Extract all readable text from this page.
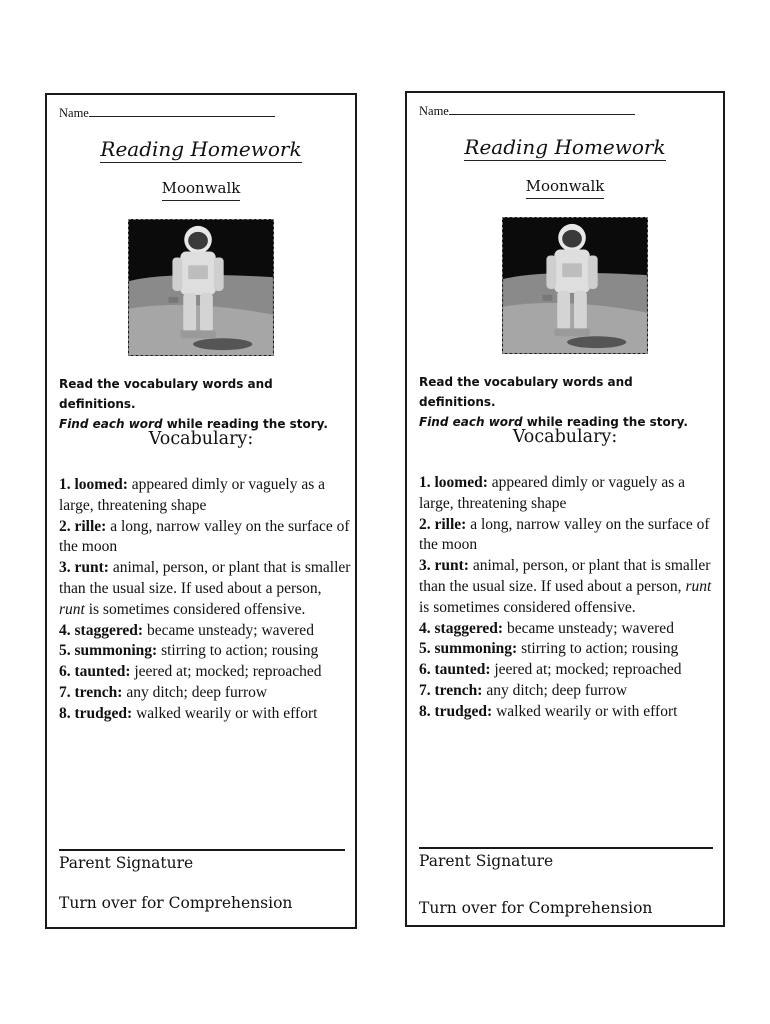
Name
Reading Homework
Moonwalk
Read the vocabulary words and definitions.
Find each word while reading the story.
Vocabulary:

1. loomed: appeared dimly or vaguely as a large, threatening shape

2. rille: a long, narrow valley on the surface of the moon

3. runt: animal, person, or plant that is smaller than the usual size. If used about a person, runt is sometimes considered offensive.

4. staggered: became unsteady; wavered

5. summoning: stirring to action; rousing

6. taunted: jeered at; mocked; reproached

7. trench: any ditch; deep furrow

8. trudged: walked wearily or with effort

Parent Signature
Turn over for Comprehension
Name
Reading Homework
Moonwalk
Read the vocabulary words and definitions.
Find each word while reading the story.
Vocabulary:

1. loomed: appeared dimly or vaguely as a large, threatening shape

2. rille: a long, narrow valley on the surface of the moon

3. runt: animal, person, or plant that is smaller than the usual size. If used about a person, runt is sometimes considered offensive.

4. staggered: became unsteady; wavered

5. summoning: stirring to action; rousing

6. taunted: jeered at; mocked; reproached

7. trench: any ditch; deep furrow

8. trudged: walked wearily or with effort

Parent Signature
Turn over for Comprehension
